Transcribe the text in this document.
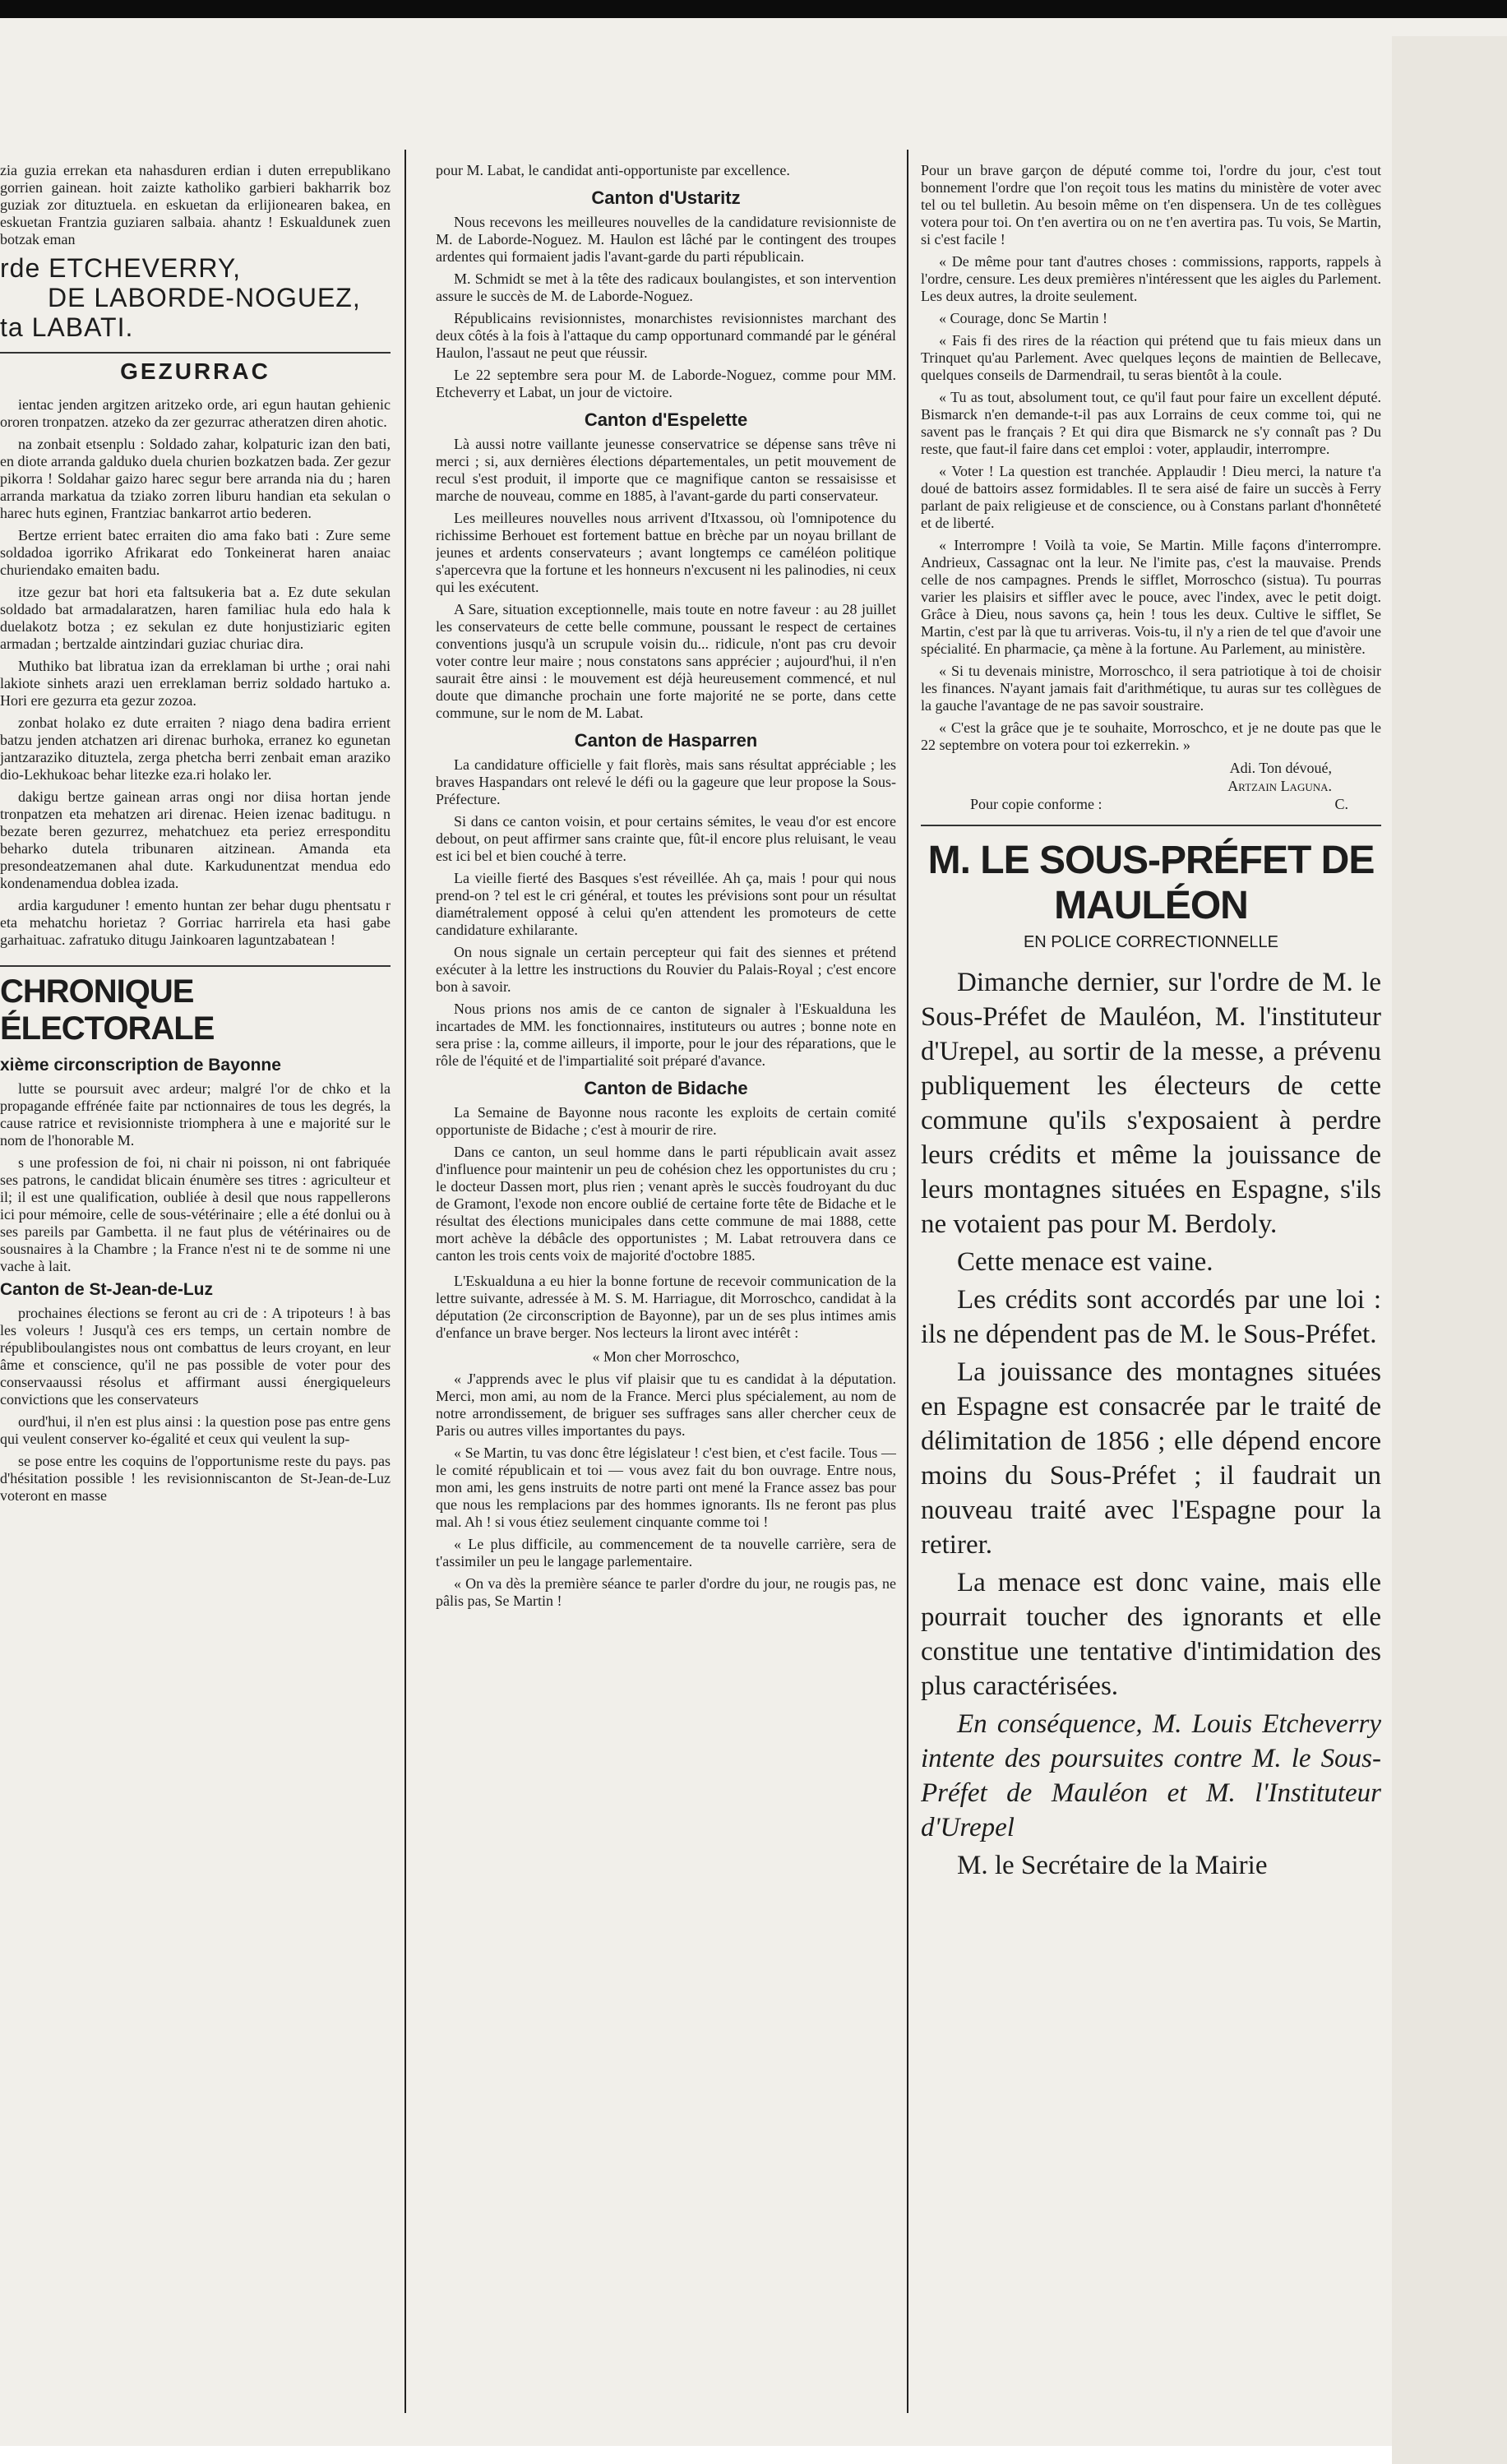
zia guzia errekan eta nahasduren erdian i duten errepublikano gorrien gainean. hoit zaizte katholiko garbieri bakharrik boz guziak zor dituztuela. en eskuetan da erlijionearen bakea, en eskuetan Frantzia guziaren salbaia. ahantz ! Eskualdunek zuen botzak eman

rde ETCHEVERRY,

DE LABORDE-NOGUEZ,

ta LABATI.

GEZURRAC

ientac jenden argitzen aritzeko orde, ari egun hautan gehienic ororen tronpatzen. atzeko da zer gezurrac atheratzen diren ahotic.

na zonbait etsenplu : Soldado zahar, kolpaturic izan den bati, en diote arranda galduko duela churien bozkatzen bada. Zer gezur pikorra ! Soldahar gaizo harec segur bere arranda nia du ; haren arranda markatua da tziako zorren liburu handian eta sekulan o harec huts eginen, Frantziac bankarrot artio bederen.

Bertze errient batec erraiten dio ama fako bati : Zure seme soldadoa igorriko Afrikarat edo Tonkeinerat haren anaiac churiendako emaiten badu.

itze gezur bat hori eta faltsukeria bat a. Ez dute sekulan soldado bat armadalaratzen, haren familiac hula edo hala k duelakotz botza ; ez sekulan ez dute honjustiziaric egiten armadan ; bertzalde aintzindari guziac churiac dira.

Muthiko bat libratua izan da erreklaman bi urthe ; orai nahi lakiote sinhets arazi uen erreklaman berriz soldado hartuko a. Hori ere gezurra eta gezur zozoa.

zonbat holako ez dute erraiten ? niago dena badira errient batzu jenden atchatzen ari direnac burhoka, erranez ko egunetan jantzaraziko dituztela, zerga phetcha berri zenbait eman araziko dio-Lekhukoac behar litezke eza.ri holako ler.

dakigu bertze gainean arras ongi nor diisa hortan jende tronpatzen eta mehatzen ari direnac. Heien izenac baditugu. n bezate beren gezurrez, mehatchuez eta periez erresponditu beharko dutela tribunaren aitzinean. Amanda eta presondeatzemanen ahal dute. Karkudunentzat mendua edo kondenamendua doblea izada.

ardia karguduner ! emento huntan zer behar dugu phentsatu r eta mehatchu horietaz ? Gorriac harrirela eta hasi gabe garhaituac. zafratuko ditugu Jainkoaren laguntzabatean !

CHRONIQUE ÉLECTORALE
xième circonscription de Bayonne

lutte se poursuit avec ardeur; malgré l'or de chko et la propagande effrénée faite par nctionnaires de tous les degrés, la cause ratrice et revisionniste triomphera à une e majorité sur le nom de l'honorable M.

s une profession de foi, ni chair ni poisson, ni ont fabriquée ses patrons, le candidat blicain énumère ses titres : agriculteur et il; il est une qualification, oubliée à desil que nous rappellerons ici pour mémoire, celle de sous-vétérinaire ; elle a été donlui ou à ses pareils par Gambetta. il ne faut plus de vétérinaires ou de sousnaires à la Chambre ; la France n'est ni te de somme ni une vache à lait.

Canton de St-Jean-de-Luz

prochaines élections se feront au cri de : A tripoteurs ! à bas les voleurs ! Jusqu'à ces ers temps, un certain nombre de républiboulangistes nous ont combattus de leurs croyant, en leur âme et conscience, qu'il ne pas possible de voter pour des conservaaussi résolus et affirmant aussi énergiqueleurs convictions que les conservateurs

ourd'hui, il n'en est plus ainsi : la question pose pas entre gens qui veulent conserver ko-égalité et ceux qui veulent la sup-

se pose entre les coquins de l'opportunisme reste du pays. pas d'hésitation possible ! les revisionniscanton de St-Jean-de-Luz voteront en masse

pour M. Labat, le candidat anti-opportuniste par excellence.

Canton d'Ustaritz

Nous recevons les meilleures nouvelles de la candidature revisionniste de M. de Laborde-Noguez. M. Haulon est lâché par le contingent des troupes ardentes qui formaient jadis l'avant-garde du parti républicain.

M. Schmidt se met à la tête des radicaux boulangistes, et son intervention assure le succès de M. de Laborde-Noguez.

Républicains revisionnistes, monarchistes revisionnistes marchant des deux côtés à la fois à l'attaque du camp opportunard commandé par le général Haulon, l'assaut ne peut que réussir.

Le 22 septembre sera pour M. de Laborde-Noguez, comme pour MM. Etcheverry et Labat, un jour de victoire.

Canton d'Espelette

Là aussi notre vaillante jeunesse conservatrice se dépense sans trêve ni merci ; si, aux dernières élections départementales, un petit mouvement de recul s'est produit, il importe que ce magnifique canton se ressaisisse et marche de nouveau, comme en 1885, à l'avant-garde du parti conservateur.

Les meilleures nouvelles nous arrivent d'Itxassou, où l'omnipotence du richissime Berhouet est fortement battue en brèche par un noyau brillant de jeunes et ardents conservateurs ; avant longtemps ce caméléon politique s'apercevra que la fortune et les honneurs n'excusent ni les palinodies, ni ceux qui les exécutent.

A Sare, situation exceptionnelle, mais toute en notre faveur : au 28 juillet les conservateurs de cette belle commune, poussant le respect de certaines conventions jusqu'à un scrupule voisin du... ridicule, n'ont pas cru devoir voter contre leur maire ; nous constatons sans apprécier ; aujourd'hui, il n'en saurait être ainsi : le mouvement est déjà heureusement commencé, et nul doute que dimanche prochain une forte majorité ne se porte, dans cette commune, sur le nom de M. Labat.

Canton de Hasparren

La candidature officielle y fait florès, mais sans résultat appréciable ; les braves Haspandars ont relevé le défi ou la gageure que leur propose la Sous-Préfecture.

Si dans ce canton voisin, et pour certains sémites, le veau d'or est encore debout, on peut affirmer sans crainte que, fût-il encore plus reluisant, le veau est ici bel et bien couché à terre.

La vieille fierté des Basques s'est réveillée. Ah ça, mais ! pour qui nous prend-on ? tel est le cri général, et toutes les prévisions sont pour un résultat diamétralement opposé à celui qu'en attendent les promoteurs de cette candidature exhilarante.

On nous signale un certain percepteur qui fait des siennes et prétend exécuter à la lettre les instructions du Rouvier du Palais-Royal ; c'est encore bon à savoir.

Nous prions nos amis de ce canton de signaler à l'Eskualduna les incartades de MM. les fonctionnaires, instituteurs ou autres ; bonne note en sera prise : la, comme ailleurs, il importe, pour le jour des réparations, que le rôle de l'équité et de l'impartialité soit préparé d'avance.

Canton de Bidache

La Semaine de Bayonne nous raconte les exploits de certain comité opportuniste de Bidache ; c'est à mourir de rire.

Dans ce canton, un seul homme dans le parti républicain avait assez d'influence pour maintenir un peu de cohésion chez les opportunistes du cru ; le docteur Dassen mort, plus rien ; venant après le succès foudroyant du duc de Gramont, l'exode non encore oublié de certaine forte tête de Bidache et le résultat des élections municipales dans cette commune de mai 1888, cette mort achève la débâcle des opportunistes ; M. Labat retrouvera dans ce canton les trois cents voix de majorité d'octobre 1885.

L'Eskualduna a eu hier la bonne fortune de recevoir communication de la lettre suivante, adressée à M. S. M. Harriague, dit Morroschco, candidat à la députation (2e circonscription de Bayonne), par un de ses plus intimes amis d'enfance un brave berger. Nos lecteurs la liront avec intérêt :

« Mon cher Morroschco,

« J'apprends avec le plus vif plaisir que tu es candidat à la députation. Merci, mon ami, au nom de la France. Merci plus spécialement, au nom de notre arrondissement, de briguer ses suffrages sans aller chercher ceux de Paris ou autres villes importantes du pays.

« Se Martin, tu vas donc être législateur ! c'est bien, et c'est facile. Tous — le comité républicain et toi — vous avez fait du bon ouvrage. Entre nous, mon ami, les gens instruits de notre parti ont mené la France assez bas pour que nous les remplacions par des hommes ignorants. Ils ne feront pas plus mal. Ah ! si vous étiez seulement cinquante comme toi !

« Le plus difficile, au commencement de ta nouvelle carrière, sera de t'assimiler un peu le langage parlementaire.

« On va dès la première séance te parler d'ordre du jour, ne rougis pas, ne pâlis pas, Se Martin !

Pour un brave garçon de député comme toi, l'ordre du jour, c'est tout bonnement l'ordre que l'on reçoit tous les matins du ministère de voter avec tel ou tel bulletin. Au besoin même on t'en dispensera. Un de tes collègues votera pour toi. On t'en avertira ou on ne t'en avertira pas. Tu vois, Se Martin, si c'est facile !

« De même pour tant d'autres choses : commissions, rapports, rappels à l'ordre, censure. Les deux premières n'intéressent que les aigles du Parlement. Les deux autres, la droite seulement.

« Courage, donc Se Martin !

« Fais fi des rires de la réaction qui prétend que tu fais mieux dans un Trinquet qu'au Parlement. Avec quelques leçons de maintien de Bellecave, quelques conseils de Darmendrail, tu seras bientôt à la coule.

« Tu as tout, absolument tout, ce qu'il faut pour faire un excellent député. Bismarck n'en demande-t-il pas aux Lorrains de ceux comme toi, qui ne savent pas le français ? Et qui dira que Bismarck ne s'y connaît pas ? Du reste, que faut-il faire dans cet emploi : voter, applaudir, interrompre.

« Voter ! La question est tranchée. Applaudir ! Dieu merci, la nature t'a doué de battoirs assez formidables. Il te sera aisé de faire un succès à Ferry parlant de paix religieuse et de conscience, ou à Constans parlant d'honnêteté et de liberté.

« Interrompre ! Voilà ta voie, Se Martin. Mille façons d'interrompre. Andrieux, Cassagnac ont la leur. Ne l'imite pas, c'est la mauvaise. Prends celle de nos campagnes. Prends le sifflet, Morroschco (sistua). Tu pourras varier les plaisirs et siffler avec le pouce, avec l'index, avec le petit doigt. Grâce à Dieu, nous savons ça, hein ! tous les deux. Cultive le sifflet, Se Martin, c'est par là que tu arriveras. Vois-tu, il n'y a rien de tel que d'avoir une spécialité. En pharmacie, ça mène à la fortune. Au Parlement, au ministère.

« Si tu devenais ministre, Morroschco, il sera patriotique à toi de choisir les finances. N'ayant jamais fait d'arithmétique, tu auras sur tes collègues de la gauche l'avantage de ne pas savoir soustraire.

« C'est la grâce que je te souhaite, Morroschco, et je ne doute pas que le 22 septembre on votera pour toi ezkerrekin. »

Adi. Ton dévoué,

Artzain Laguna.

Pour copie conforme :	C.

M. LE SOUS-PRÉFET DE MAULÉON
EN POLICE CORRECTIONNELLE

Dimanche dernier, sur l'ordre de M. le Sous-Préfet de Mauléon, M. l'instituteur d'Urepel, au sortir de la messe, a prévenu publiquement les électeurs de cette commune qu'ils s'exposaient à perdre leurs crédits et même la jouissance de leurs montagnes situées en Espagne, s'ils ne votaient pas pour M. Berdoly.

Cette menace est vaine.

Les crédits sont accordés par une loi : ils ne dépendent pas de M. le Sous-Préfet.

La jouissance des montagnes situées en Espagne est consacrée par le traité de délimitation de 1856 ; elle dépend encore moins du Sous-Préfet ; il faudrait un nouveau traité avec l'Espagne pour la retirer.

La menace est donc vaine, mais elle pourrait toucher des ignorants et elle constitue une tentative d'intimidation des plus caractérisées.

En conséquence, M. Louis Etcheverry intente des poursuites contre M. le Sous-Préfet de Mauléon et M. l'Instituteur d'Urepel

M. le Secrétaire de la Mairie
